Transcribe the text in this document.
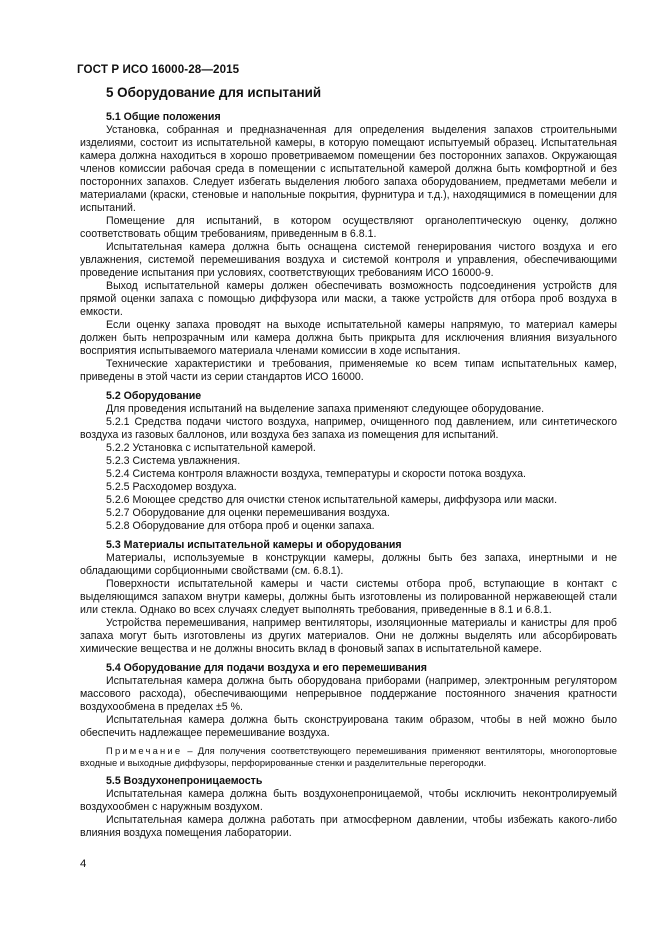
ГОСТ Р ИСО 16000-28—2015
5 Оборудование для испытаний
5.1 Общие положения

Установка, собранная и предназначенная для определения выделения запахов строительными изделиями, состоит из испытательной камеры, в которую помещают испытуемый образец. Испытательная камера должна находиться в хорошо проветриваемом помещении без посторонних запахов. Окружающая членов комиссии рабочая среда в помещении с испытательной камерой должна быть комфортной и без посторонних запахов. Следует избегать выделения любого запаха оборудованием, предметами мебели и материалами (краски, стеновые и напольные покрытия, фурнитура и т.д.), находящимися в помещении для испытаний.

Помещение для испытаний, в котором осуществляют органолептическую оценку, должно соответствовать общим требованиям, приведенным в 6.8.1.

Испытательная камера должна быть оснащена системой генерирования чистого воздуха и его увлажнения, системой перемешивания воздуха и системой контроля и управления, обеспечивающими проведение испытания при условиях, соответствующих требованиям ИСО 16000-9.

Выход испытательной камеры должен обеспечивать возможность подсоединения устройств для прямой оценки запаха с помощью диффузора или маски, а также устройств для отбора проб воздуха в емкости.

Если оценку запаха проводят на выходе испытательной камеры напрямую, то материал камеры должен быть непрозрачным или камера должна быть прикрыта для исключения влияния визуального восприятия испытываемого материала членами комиссии в ходе испытания.

Технические характеристики и требования, применяемые ко всем типам испытательных камер, приведены в этой части из серии стандартов ИСО 16000.

5.2 Оборудование

Для проведения испытаний на выделение запаха применяют следующее оборудование.

5.2.1 Средства подачи чистого воздуха, например, очищенного под давлением, или синтетического воздуха из газовых баллонов, или воздуха без запаха из помещения для испытаний.

5.2.2 Установка с испытательной камерой.

5.2.3 Система увлажнения.

5.2.4 Система контроля влажности воздуха, температуры и скорости потока воздуха.

5.2.5 Расходомер воздуха.

5.2.6 Моющее средство для очистки стенок испытательной камеры, диффузора или маски.

5.2.7 Оборудование для оценки перемешивания воздуха.

5.2.8 Оборудование для отбора проб и оценки запаха.

5.3 Материалы испытательной камеры и оборудования

Материалы, используемые в конструкции камеры, должны быть без запаха, инертными и не обладающими сорбционными свойствами (см. 6.8.1).

Поверхности испытательной камеры и части системы отбора проб, вступающие в контакт с выделяющимся запахом внутри камеры, должны быть изготовлены из полированной нержавеющей стали или стекла. Однако во всех случаях следует выполнять требования, приведенные в 8.1 и 6.8.1.

Устройства перемешивания, например вентиляторы, изоляционные материалы и канистры для проб запаха могут быть изготовлены из других материалов. Они не должны выделять или абсорбировать химические вещества и не должны вносить вклад в фоновый запах в испытательной камере.

5.4 Оборудование для подачи воздуха и его перемешивания

Испытательная камера должна быть оборудована приборами (например, электронным регулятором массового расхода), обеспечивающими непрерывное поддержание постоянного значения кратности воздухообмена в пределах ±5 %.

Испытательная камера должна быть сконструирована таким образом, чтобы в ней можно было обеспечить надлежащее перемешивание воздуха.

Примечание – Для получения соответствующего перемешивания применяют вентиляторы, многопортовые входные и выходные диффузоры, перфорированные стенки и разделительные перегородки.

5.5 Воздухонепроницаемость

Испытательная камера должна быть воздухонепроницаемой, чтобы исключить неконтролируемый воздухообмен с наружным воздухом.

Испытательная камера должна работать при атмосферном давлении, чтобы избежать какого-либо влияния воздуха помещения лаборатории.

4
